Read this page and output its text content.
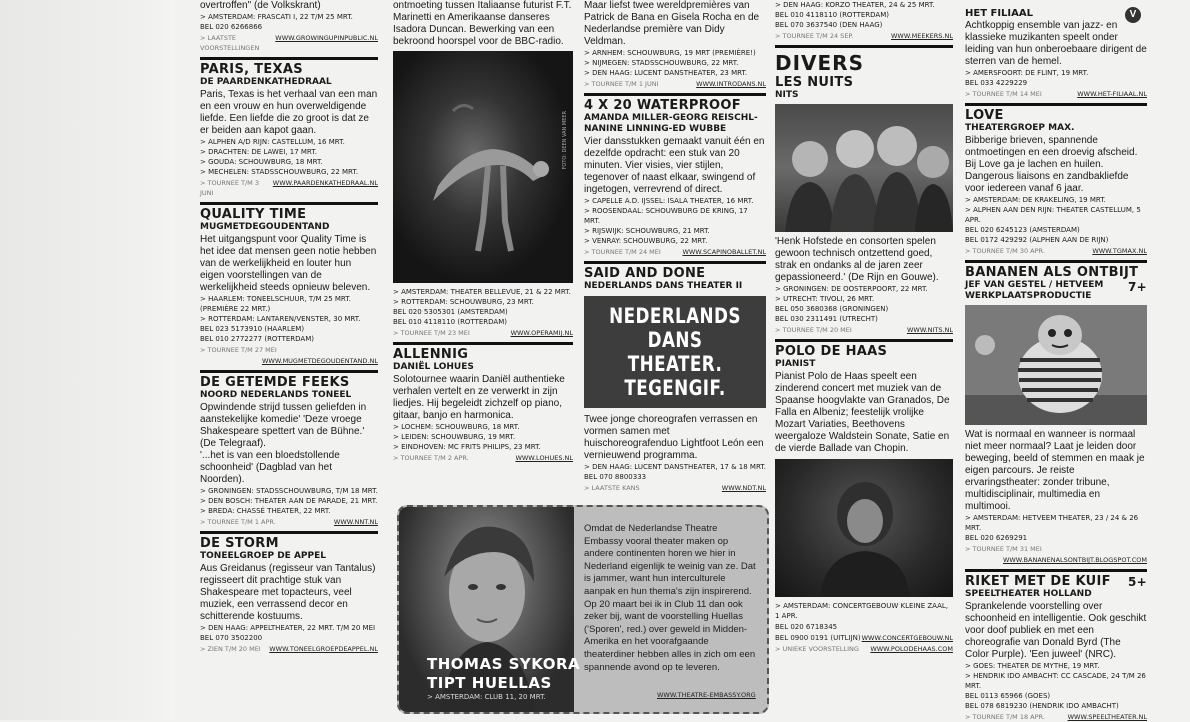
V

overtroffen" (de Volkskrant)

> AMSTERDAM: FRASCATI I, 22 T/M 25 MRT.
BEL 020 6266866
> LAATSTE VOORSTELLINGEN
WWW.GROWINGUPINPUBLIC.NL
PARIS, TEXAS
DE PAARDENKATHEDRAAL

Paris, Texas is het verhaal van een man en een vrouw en hun overweldigende liefde. Een liefde die zo groot is dat ze er beiden aan kapot gaan.

> ALPHEN A/D RIJN: CASTELLUM, 16 MRT.
> DRACHTEN: DE LAWEI, 17 MRT.
> GOUDA: SCHOUWBURG, 18 MRT.
> MECHELEN: STADSSCHOUWBURG, 22 MRT.
> TOURNEE T/M 3 JUNI
WWW.PAARDENKATHEDRAAL.NL
QUALITY TIME
MUGMETDEGOUDENTAND

Het uitgangspunt voor Quality Time is het idee dat mensen geen notie hebben van de werkelijkheid en louter hun eigen voorstellingen van de werkelijkheid steeds opnieuw beleven.

> HAARLEM: TONEELSCHUUR, T/M 25 MRT.
(PREMIÈRE 22 MRT.)
> ROTTERDAM: LANTAREN/VENSTER, 30 MRT.
BEL 023 5173910 (HAARLEM)
BEL 010 2772277 (ROTTERDAM)
> TOURNEE T/M 27 MEI
WWW.MUGMETDEGOUDENTAND.NL
DE GETEMDE FEEKS
NOORD NEDERLANDS TONEEL

Opwindende strijd tussen geliefden in aanstekelijke komedie' 'Deze vroege Shakespeare spettert van de Bühne.' (De Telegraaf).

'...het is van een bloedstollende schoonheid' (Dagblad van het Noorden).

> GRONINGEN: STADSSCHOUWBURG, T/M 18 MRT.
> DEN BOSCH: THEATER AAN DE PARADE, 21 MRT.
> BREDA: CHASSÉ THEATER, 22 MRT.
> TOURNEE T/M 1 APR.	WWW.NNT.NL
DE STORM
TONEELGROEP DE APPEL

Aus Greidanus (regisseur van Tantalus) regisseert dit prachtige stuk van Shakespeare met topacteurs, veel muziek, een verrassend decor en schitterende kostuums.

> DEN HAAG: APPELTHEATER, 22 MRT. T/M 20 MEI
BEL 070 3502200
> ZIEN T/M 20 MEI WWW.TONEELGROEPDEAPPEL.NL

ontmoeting tussen Italiaanse futurist F.T. Marinetti en Amerikaanse danseres Isadora Duncan. Bewerking van een bekroond hoorspel voor de BBC-radio.

FOTO: DEEN VAN MEER
> AMSTERDAM: THEATER BELLEVUE, 21 & 22 MRT.
> ROTTERDAM: SCHOUWBURG, 23 MRT.
BEL 020 5305301 (AMSTERDAM)
BEL 010 4118110 (ROTTERDAM)
> TOURNEE T/M 23 MEI	WWW.OPERAMIJ.NL
ALLENNIG
DANIËL LOHUES

Solotournee waarin Daniël authentieke verhalen vertelt en ze verwerkt in zijn liedjes. Hij begeleidt zichzelf op piano, gitaar, banjo en harmonica.

> LOCHEM: SCHOUWBURG, 18 MRT.
> LEIDEN: SCHOUWBURG, 19 MRT.
> EINDHOVEN: MC FRITS PHILIPS, 23 MRT.
> TOURNEE T/M 2 APR.	WWW.LOHUES.NL

Maar liefst twee wereldpremières van Patrick de Bana en Gisela Rocha en de Nederlandse première van Didy Veldman.

> ARNHEM: SCHOUWBURG, 19 MRT (PREMIÈRE!)
> NIJMEGEN: STADSSCHOUWBURG, 22 MRT.
> DEN HAAG: LUCENT DANSTHEATER, 23 MRT.
> TOURNEE T/M 1 JUNI	WWW.INTRODANS.NL
4 X 20 WATERPROOF
AMANDA MILLER-GEORG REISCHL-NANINE LINNING-ED WUBBE

Vier dansstukken gemaakt vanuit één en dezelfde opdracht: een stuk van 20 minuten. Vier visies, vier stijlen, tegenover of naast elkaar, swingend of ingetogen, verrevrend of direct.

> CAPELLE A.D. IJSSEL: ISALA THEATER, 16 MRT.
> ROOSENDAAL: SCHOUWBURG DE KRING, 17 MRT.
> RIJSWIJK: SCHOUWBURG, 21 MRT.
> VENRAY: SCHOUWBURG, 22 MRT.
> TOURNEE T/M 24 MEI	WWW.SCAPINOBALLET.NL
SAID AND DONE
NEDERLANDS DANS THEATER II
NEDERLANDS
DANS THEATER.
TEGENGIF.

Twee jonge choreografen verrassen en vormen samen met huischoreografenduo Lightfoot León een vernieuwend programma.

> DEN HAAG: LUCENT DANSTHEATER, 17 & 18 MRT.
BEL 070 8800333
> LAATSTE KANS	WWW.NDT.NL
THOMAS SYKORA
TIPT HUELLAS
> AMSTERDAM: CLUB 11, 20 MRT.
Omdat de Nederlandse Theatre Embassy vooral theater maken op andere continenten horen we hier in Nederland eigenlijk te weinig van ze. Dat is jammer, want hun interculturele aanpak en hun thema's zijn inspirerend. Op 20 maart bei ik in Club 11 dan ook zeker bij, want de voorstelling Huellas ('Sporen', red.) over geweld in Midden-Amerika en het voorafgaande theaterdiner hebben alles in zich om een spannende avond op te leveren.
WWW.THEATRE-EMBASSY.ORG
> DEN HAAG: KORZO THEATER, 24 & 25 MRT.
BEL 010 4118110 (ROTTERDAM)
BEL 070 3637540 (DEN HAAG)
> TOURNEE T/M 24 SEP.	WWW.MEEKERS.NL
DIVERS
LES NUITS
NITS

'Henk Hofstede en consorten spelen gewoon technisch ontzettend goed, strak en ondanks al de jaren zeer gepassioneerd.' (De Rijn en Gouwe).

> GRONINGEN: DE OOSTERPOORT, 22 MRT.
> UTRECHT: TIVOLI, 26 MRT.
BEL 050 3680368 (GRONINGEN)
BEL 030 2311491 (UTRECHT)
> TOURNEE T/M 20 MEI	WWW.NITS.NL
POLO DE HAAS
PIANIST

Pianist Polo de Haas speelt een zinderend concert met muziek van de Spaanse hoogvlakte van Granados, De Falla en Albeniz; feestelijk vrolijke Mozart Variaties, Beethovens weergaloze Waldstein Sonate, Satie en de vierde Ballade van Chopin.

> AMSTERDAM: CONCERTGEBOUW KLEINE ZAAL, 1 APR.
BEL 020 6718345
BEL 0900 0191 (UITLIJN) WWW.CONCERTGEBOUW.NL
> UNIEKE VOORSTELLING WWW.POLODEHAAS.COM
HET FILIAAL

Achtkoppig ensemble van jazz- en klassieke muzikanten speelt onder leiding van hun onberoebaare dirigent de sterren van de hemel.

> AMERSFOORT: DE FLINT, 19 MRT.
BEL 033 4229229
> TOURNEE T/M 14 MEI	WWW.HET-FILIAAL.NL
LOVE
THEATERGROEP MAX.

Bibberige brieven, spannende ontmoetingen en een droevig afscheid. Bij Love ga je lachen en huilen. Dangerous liaisons en zandbakliefde voor iedereen vanaf 6 jaar.

> AMSTERDAM: DE KRAKELING, 19 MRT.
> ALPHEN AAN DEN RIJN: THEATER CASTELLUM, 5 APR.
BEL 020 6245123 (AMSTERDAM)
BEL 0172 429292 (ALPHEN AAN DE RIJN)
> TOURNEE T/M 30 APR.	WWW.TGMAX.NL
BANANEN ALS ONTBIJT
7+
JEF VAN GESTEL / HETVEEM WERKPLAATSPRODUCTIE

Wat is normaal en wanneer is normaal niet meer normaal? Laat je leiden door beweging, beeld of stemmen en maak je eigen parcours. Je reiste ervaringstheater: zonder tribune, multidisciplinair, multimedia en multimooi.

> AMSTERDAM: HETVEEM THEATER, 23 / 24 & 26 MRT.
BEL 020 6269291
> TOURNEE T/M 31 MEI
WWW.BANANENALSONTBIJT.BLOGSPOT.COM
RIKET MET DE KUIF 5+
SPEELTHEATER HOLLAND

Sprankelende voorstelling over schoonheid en intelligentie. Ook geschikt voor doof publiek en met een choreografie van Donald Byrd (The Color Purple). 'Een juweel' (NRC).

> GOES: THEATER DE MYTHE, 19 MRT.
> HENDRIK IDO AMBACHT: CC CASCADE, 24 T/M 26 MRT.
BEL 0113 65966 (GOES)
BEL 078 6819230 (HENDRIK IDO AMBACHT)
> TOURNEE T/M 18 APR.	WWW.SPEELTHEATER.NL
